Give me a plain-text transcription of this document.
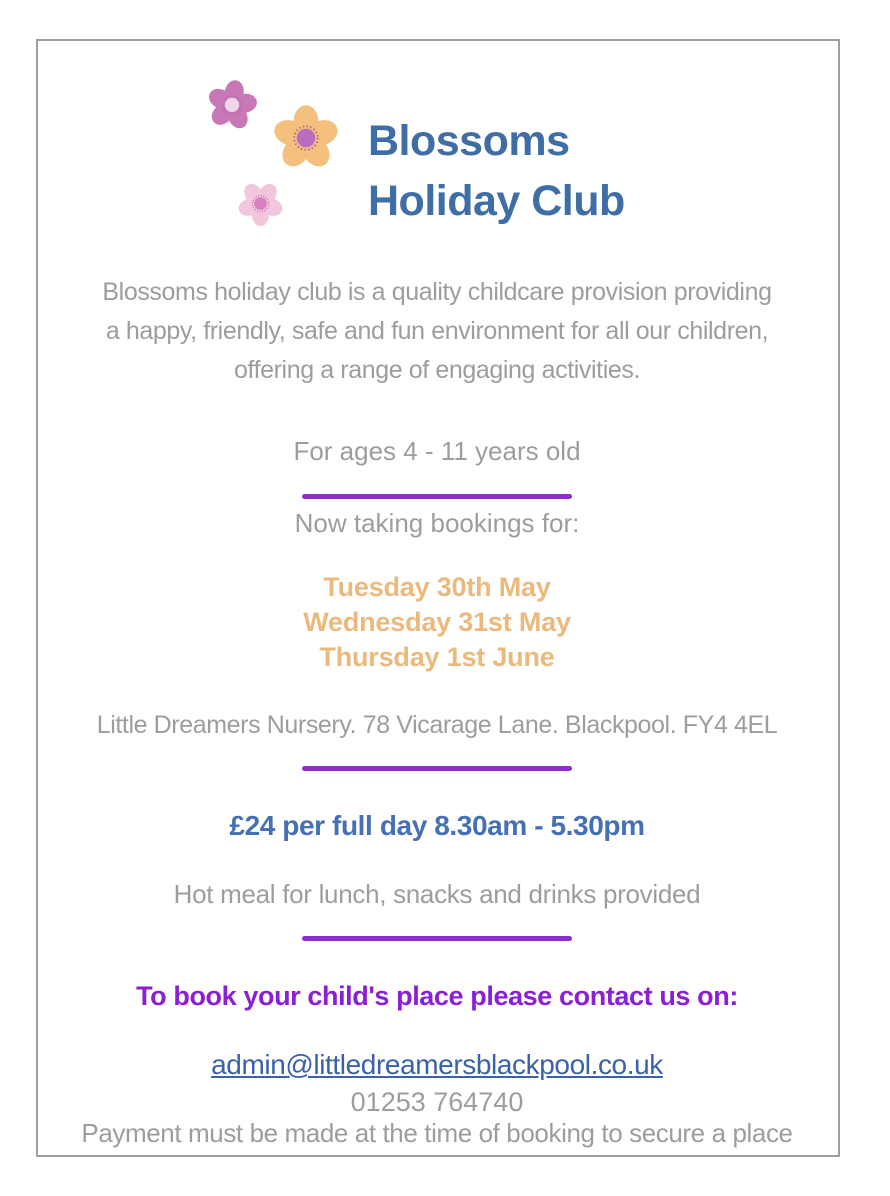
Blossoms
Holiday Club
Blossoms holiday club is a quality childcare provision providing
a happy, friendly, safe and fun environment for all our children,
offering a range of engaging activities.
For ages 4 - 11 years old
Now taking bookings for:
Tuesday 30th May
Wednesday 31st May
Thursday 1st June
Little Dreamers Nursery. 78 Vicarage Lane. Blackpool. FY4 4EL
£24 per full day 8.30am - 5.30pm
Hot meal for lunch, snacks and drinks provided
To book your child's place please contact us on:
admin@littledreamersblackpool.co.uk
01253 764740
Payment must be made at the time of booking to secure a place
